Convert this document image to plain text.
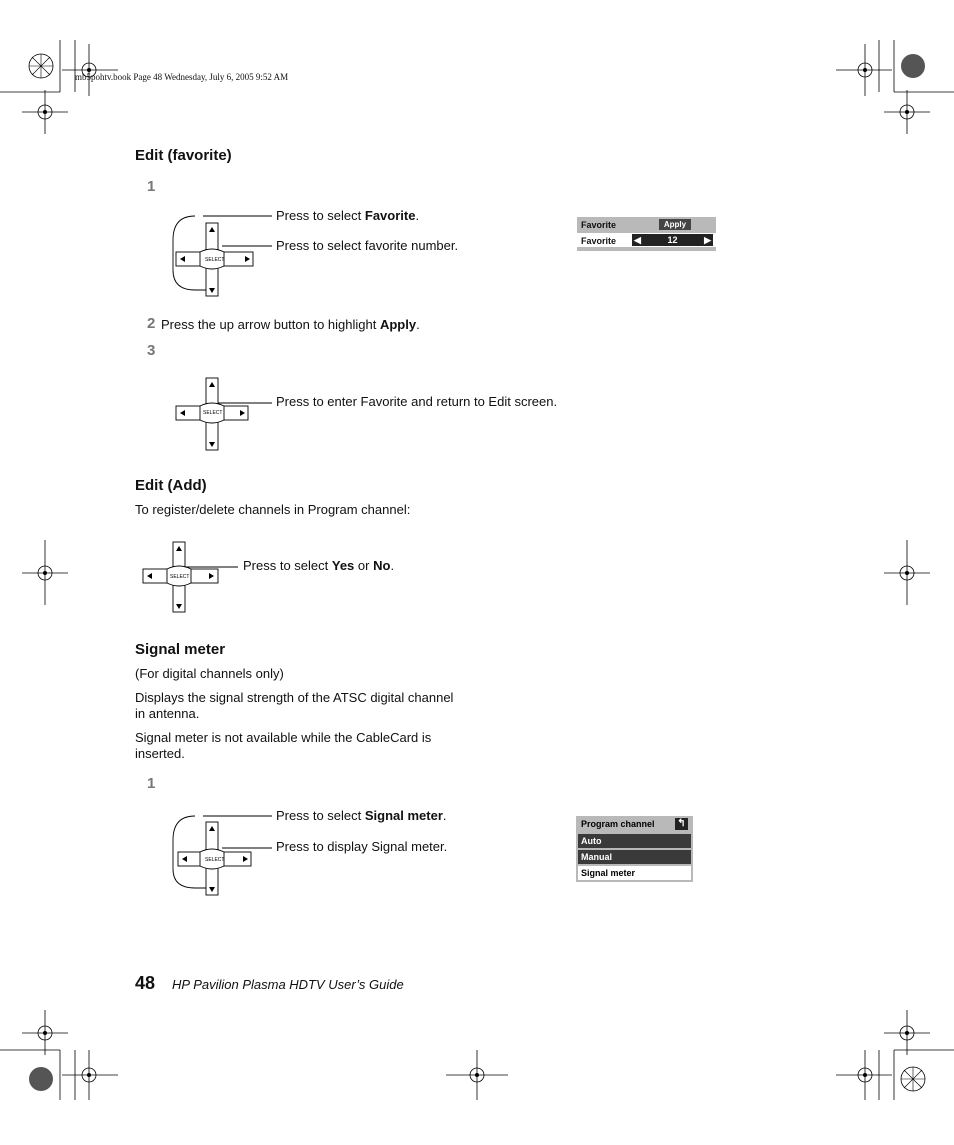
mb5pohtv.book Page 48 Wednesday, July 6, 2005 9:52 AM
Edit (favorite)
1
SELECT
Press to select Favorite.
Press to select favorite number.
Favorite	Apply
Favorite ◀	12	▶
2 Press the up arrow button to highlight Apply.
3
SELECT
Press to enter Favorite and return to Edit screen.
Edit (Add)
To register/delete channels in Program channel:
SELECT
Press to select Yes or No.
Signal meter
(For digital channels only)
Displays the signal strength of the ATSC digital channel in antenna.
Signal meter is not available while the CableCard is inserted.
1
SELECT
Press to select Signal meter.
Press to display Signal meter.
Program channel ↰
Auto
Manual
Signal meter
48 HP Pavilion Plasma HDTV User’s Guide
